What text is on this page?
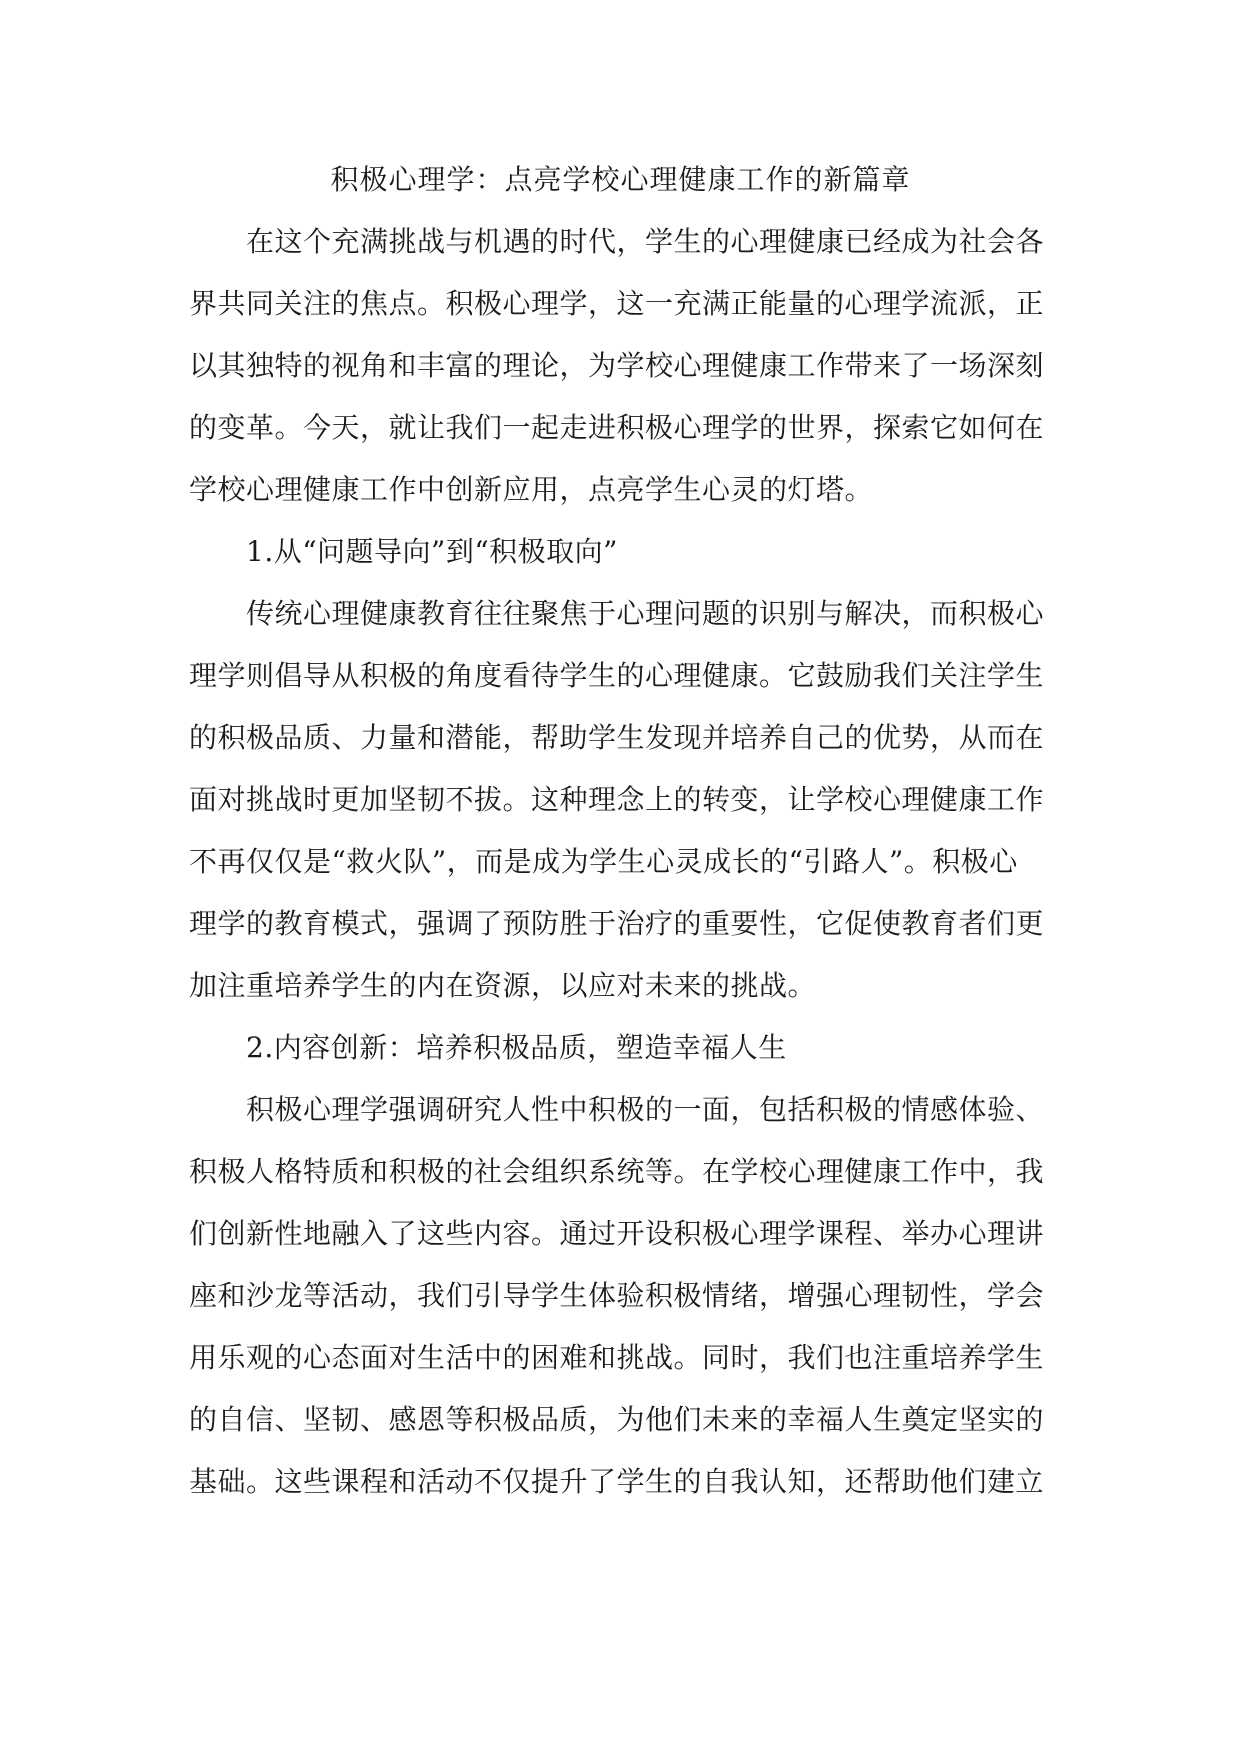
积极心理学：点亮学校心理健康工作的新篇章
在这个充满挑战与机遇的时代，学生的心理健康已经成为社会各
界共同关注的焦点。积极心理学，这一充满正能量的心理学流派，正
以其独特的视角和丰富的理论，为学校心理健康工作带来了一场深刻
的变革。今天，就让我们一起走进积极心理学的世界，探索它如何在
学校心理健康工作中创新应用，点亮学生心灵的灯塔。
1.从“问题导向”到“积极取向”
传统心理健康教育往往聚焦于心理问题的识别与解决，而积极心
理学则倡导从积极的角度看待学生的心理健康。它鼓励我们关注学生
的积极品质、力量和潜能，帮助学生发现并培养自己的优势，从而在
面对挑战时更加坚韧不拔。这种理念上的转变，让学校心理健康工作
不再仅仅是“救火队”，而是成为学生心灵成长的“引路人”。积极心
理学的教育模式，强调了预防胜于治疗的重要性，它促使教育者们更
加注重培养学生的内在资源，以应对未来的挑战。
2.内容创新：培养积极品质，塑造幸福人生
积极心理学强调研究人性中积极的一面，包括积极的情感体验、
积极人格特质和积极的社会组织系统等。在学校心理健康工作中，我
们创新性地融入了这些内容。通过开设积极心理学课程、举办心理讲
座和沙龙等活动，我们引导学生体验积极情绪，增强心理韧性，学会
用乐观的心态面对生活中的困难和挑战。同时，我们也注重培养学生
的自信、坚韧、感恩等积极品质，为他们未来的幸福人生奠定坚实的
基础。这些课程和活动不仅提升了学生的自我认知，还帮助他们建立
